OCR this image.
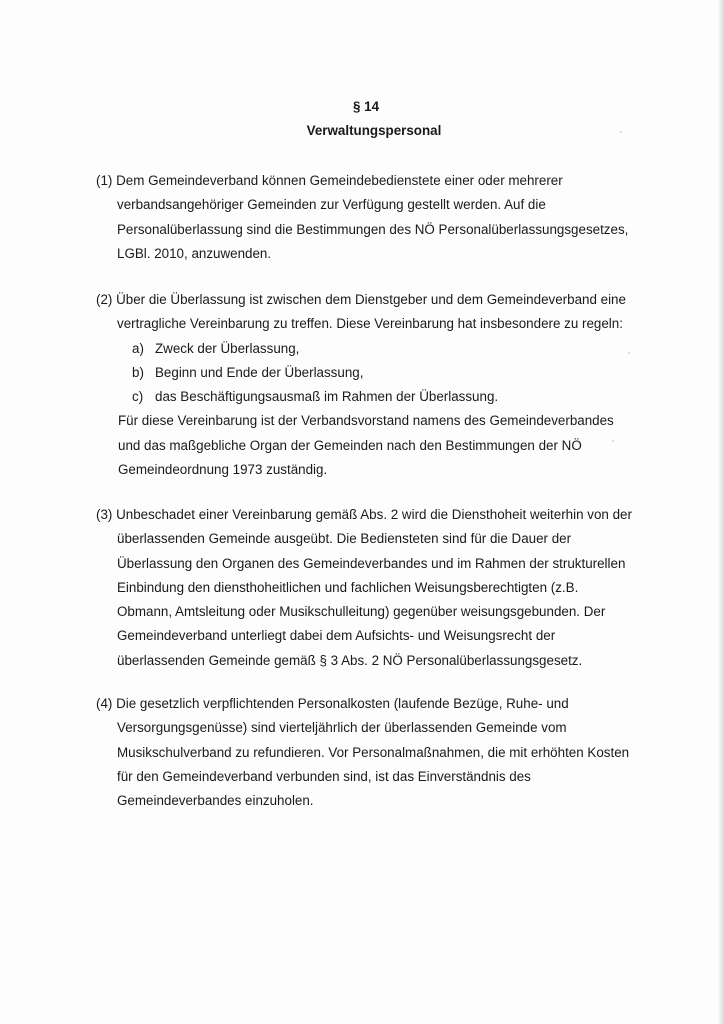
§ 14
Verwaltungspersonal
(1) Dem Gemeindeverband können Gemeindebedienstete einer oder mehrerer
verbandsangehöriger Gemeinden zur Verfügung gestellt werden. Auf die
Personalüberlassung sind die Bestimmungen des NÖ Personalüberlassungsgesetzes,
LGBl. 2010, anzuwenden.
(2) Über die Überlassung ist zwischen dem Dienstgeber und dem Gemeindeverband eine
vertragliche Vereinbarung zu treffen. Diese Vereinbarung hat insbesondere zu regeln:
a) Zweck der Überlassung,
b) Beginn und Ende der Überlassung,
c) das Beschäftigungsausmaß im Rahmen der Überlassung.
Für diese Vereinbarung ist der Verbandsvorstand namens des Gemeindeverbandes
und das maßgebliche Organ der Gemeinden nach den Bestimmungen der NÖ
Gemeindeordnung 1973 zuständig.
(3) Unbeschadet einer Vereinbarung gemäß Abs. 2 wird die Diensthoheit weiterhin von der
überlassenden Gemeinde ausgeübt. Die Bediensteten sind für die Dauer der
Überlassung den Organen des Gemeindeverbandes und im Rahmen der strukturellen
Einbindung den diensthoheitlichen und fachlichen Weisungsberechtigten (z.B.
Obmann, Amtsleitung oder Musikschulleitung) gegenüber weisungsgebunden. Der
Gemeindeverband unterliegt dabei dem Aufsichts- und Weisungsrecht der
überlassenden Gemeinde gemäß § 3 Abs. 2 NÖ Personalüberlassungsgesetz.
(4) Die gesetzlich verpflichtenden Personalkosten (laufende Bezüge, Ruhe- und
Versorgungsgenüsse) sind vierteljährlich der überlassenden Gemeinde vom
Musikschulverband zu refundieren. Vor Personalmaßnahmen, die mit erhöhten Kosten
für den Gemeindeverband verbunden sind, ist das Einverständnis des
Gemeindeverbandes einzuholen.
